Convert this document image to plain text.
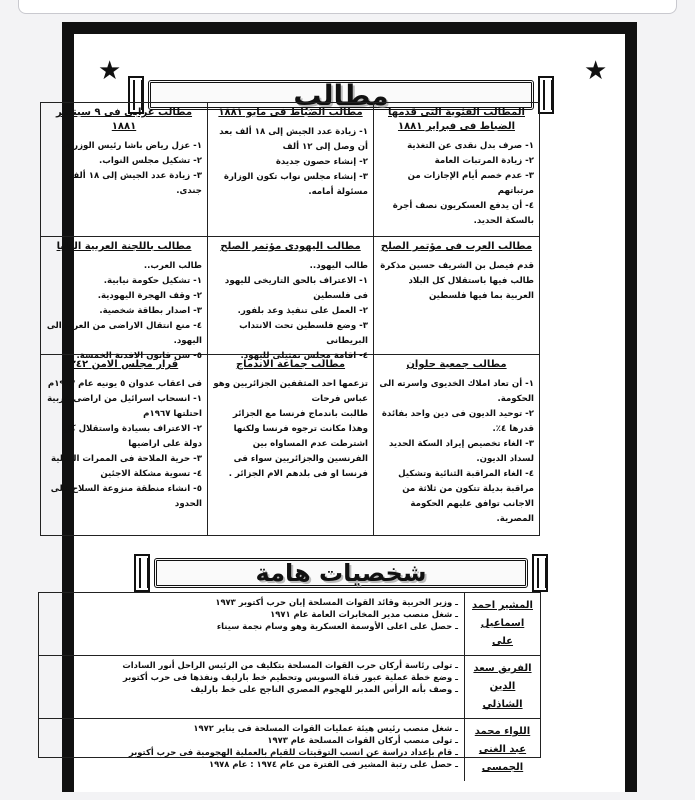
★	★
مطالب
المطالب الفئوية التى قدمها الضباط فى فبراير ١٨٨١

١- صرف بدل نقدى عن التغذية
٢- زيادة المرتبات العامة
٣- عدم خصم أيام الإجازات من مرتباتهم
٤- أن يدفع العسكريون نصف أجرة بالسكة الحديد.

مطالب الضباط فى مايو ١٨٨١

١- زيادة عدد الجيش إلى ١٨ ألف بعد أن وصل إلى ١٢ ألف
٢- إنشاء حصون جديدة
٣- إنشاء مجلس نواب تكون الوزارة مسئولة أمامه.

مطالب عرابى فى ٩ سبتمبر ١٨٨١

١- عزل رياض باشا رئيس الوزراء.
٢- تشكيل مجلس النواب.
٣- زيادة عدد الجيش إلى ١٨ ألف جندى.

مطالب العرب فى مؤتمر الصلح

قدم فيصل بن الشريف حسين مذكرة طالب فيها باستقلال كل البلاد العربية بما فيها فلسطين

مطالب اليهودى مؤتمر الصلح

طالب اليهود..
١- الاعتراف بالحق التاريخى لليهود فى فلسطين
٢- العمل على تنفيذ وعد بلفور.
٣- وضع فلسطين تحت الانتداب البريطانى
٤- اقامة مجلس تمثيلى لليهود.

مطالب باللجنة العربية العليا

طالب العرب..
١- تشكيل حكومة نيابية.
٢- وقف الهجرة اليهودية.
٣- اصدار بطاقة شخصية.
٤- منع انتقال الاراضى من العرب الى اليهود.
٥- سن قانون الافدنة الخمسة.

مطالب جمعية حلوان

١- أن تعاد املاك الخديوى واسرته الى الحكومة.
٢- توحيد الديون فى دين واحد بفائدة قدرها ٤٪.
٣- الغاء تخصيص إيراد السكة الحديد لسداد الديون.
٤- الغاء المراقبة الثنائية وتشكيل مراقبة بديلة تتكون من ثلاثة من الاجانب توافق عليهم الحكومة المصرية.

مطالب جماعة الاندماج

تزعمها احد المثقفين الجزائريين وهو عباس فرحات
طالبت باندماج فرنسا مع الجزائر وهذا مكانت ترجوه فرنسا ولكنها اشترطت عدم المساواه بين الفرنسين والجزائريين سواء فى فرنسا او فى بلدهم الام الجزائر .

قرار مجلس الامن ٢٤٢

فى اعقاب عدوان ٥ يونيه عام ١٩٦٧م
١- انسحاب اسرائيل من اراضى عربية احتلتها ١٩٦٧م
٢- الاعتراف بسيادة واستقلال كل دولة على اراضيها
٣- حرية الملاحة فى الممرات الدولية
٤- تسوية مشكلة الاجئين
٥- انشاء منطقة منزوعة السلاح على الحدود

شخصيات هامة
المشير احمد اسماعيل على
ـ وزير الحربية وقائد القوات المسلحة إبان حرب أكتوبر ١٩٧٣
ـ شغل منصب مدير المخابرات العامة عام ١٩٧١
ـ حصل على اعلى الأوسمة العسكرية وهو وسام نجمة سيناء
الفريق سعد الدين الشاذلي
ـ تولى رئاسة أركان حرب القوات المسلحة بتكليف من الرئيس الراحل أنور السادات
ـ وضع خطة عملية عبور قناة السويس وتحطيم خط بارليف ونفذها فى حرب أكتوبر
ـ وصف بأنه الرأس المدبر للهجوم المصري الناجح على خط بارليف
اللواء محمد عبد الغنى الجمسى
ـ شغل منصب رئيس هيئة عمليات القوات المسلحة فى يناير ١٩٧٢
ـ تولى منصب أركان القوات المسلحة عام ١٩٧٣
ـ قام بإعداد دراسة عن انسب التوقيتات للقيام بالعملية الهجومية فى حرب أكتوبر
ـ حصل على رتبة المشير فى الفترة من عام ١٩٧٤ : عام ١٩٧٨
